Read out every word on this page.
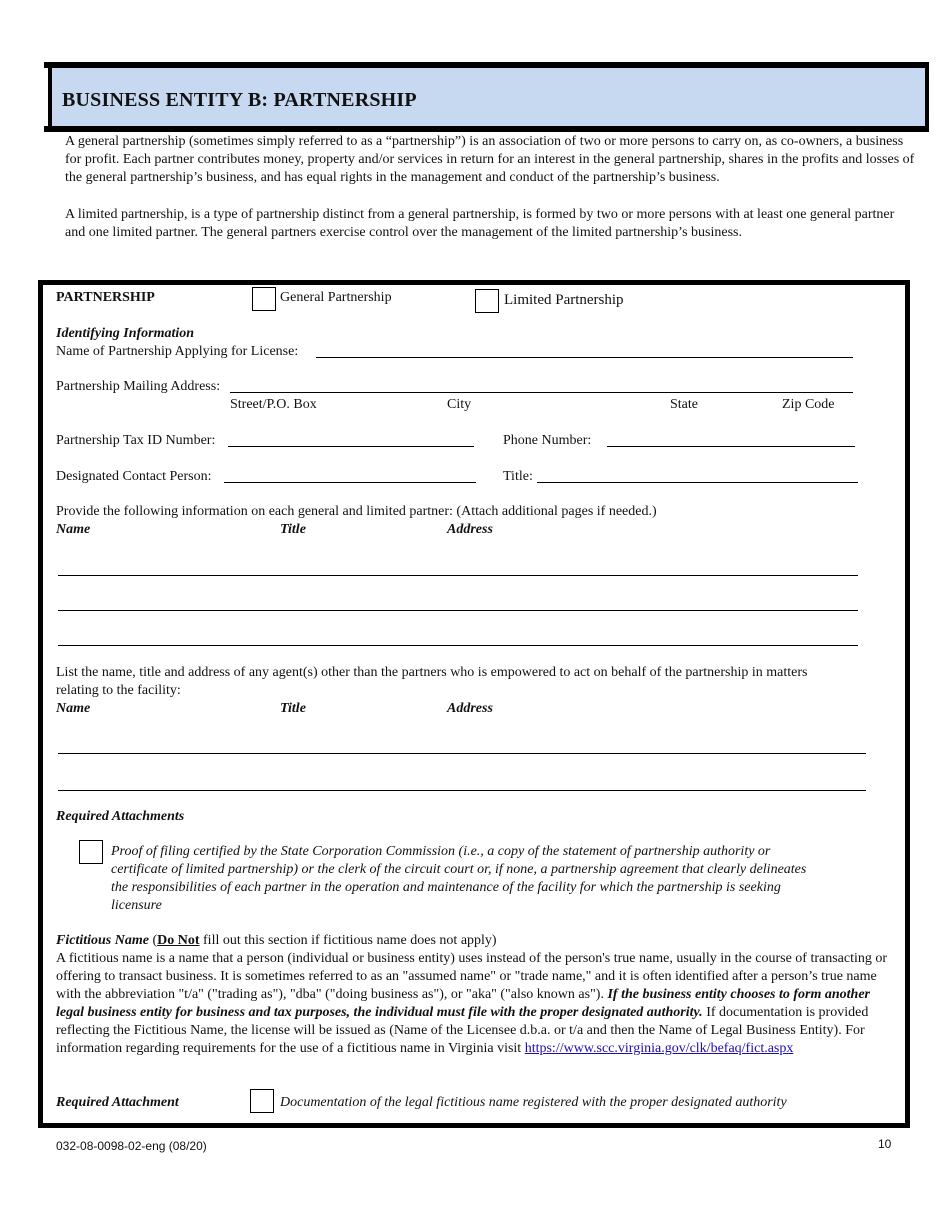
BUSINESS ENTITY B: PARTNERSHIP
A general partnership (sometimes simply referred to as a “partnership”) is an association of two or more persons to carry on, as co-owners, a business for profit. Each partner contributes money, property and/or services in return for an interest in the general partnership, shares in the profits and losses of the general partnership’s business, and has equal rights in the management and conduct of the partnership’s business.
A limited partnership, is a type of partnership distinct from a general partnership, is formed by two or more persons with at least one general partner and one limited partner. The general partners exercise control over the management of the limited partnership’s business.
PARTNERSHIP	General Partnership	Limited Partnership
Identifying Information
Name of Partnership Applying for License:
Partnership Mailing Address:
Street/P.O. Box	City	State	Zip Code
Partnership Tax ID Number:	Phone Number:
Designated Contact Person:	Title:
Provide the following information on each general and limited partner: (Attach additional pages if needed.)
Name	Title	Address
List the name, title and address of any agent(s) other than the partners who is empowered to act on behalf of the partnership in matters
relating to the facility:
Name	Title	Address
Required Attachments
Proof of filing certified by the State Corporation Commission (i.e., a copy of the statement of partnership authority or
certificate of limited partnership) or the clerk of the circuit court or, if none, a partnership agreement that clearly delineates
the responsibilities of each partner in the operation and maintenance of the facility for which the partnership is seeking
licensure
Fictitious Name (Do Not fill out this section if fictitious name does not apply)
A fictitious name is a name that a person (individual or business entity) uses instead of the person's true name, usually in the course of transacting or offering to transact business. It is sometimes referred to as an "assumed name" or "trade name," and it is often identified after a person’s true name with the abbreviation "t/a" ("trading as"), "dba" ("doing business as"), or "aka" ("also known as"). If the business entity chooses to form another legal business entity for business and tax purposes, the individual must file with the proper designated authority. If documentation is provided reflecting the Fictitious Name, the license will be issued as (Name of the Licensee d.b.a. or t/a and then the Name of Legal Business Entity). For information regarding requirements for the use of a fictitious name in Virginia visit https://www.scc.virginia.gov/clk/befaq/fict.aspx
Required Attachment	Documentation of the legal fictitious name registered with the proper designated authority
032-08-0098-02-eng (08/20)	10
